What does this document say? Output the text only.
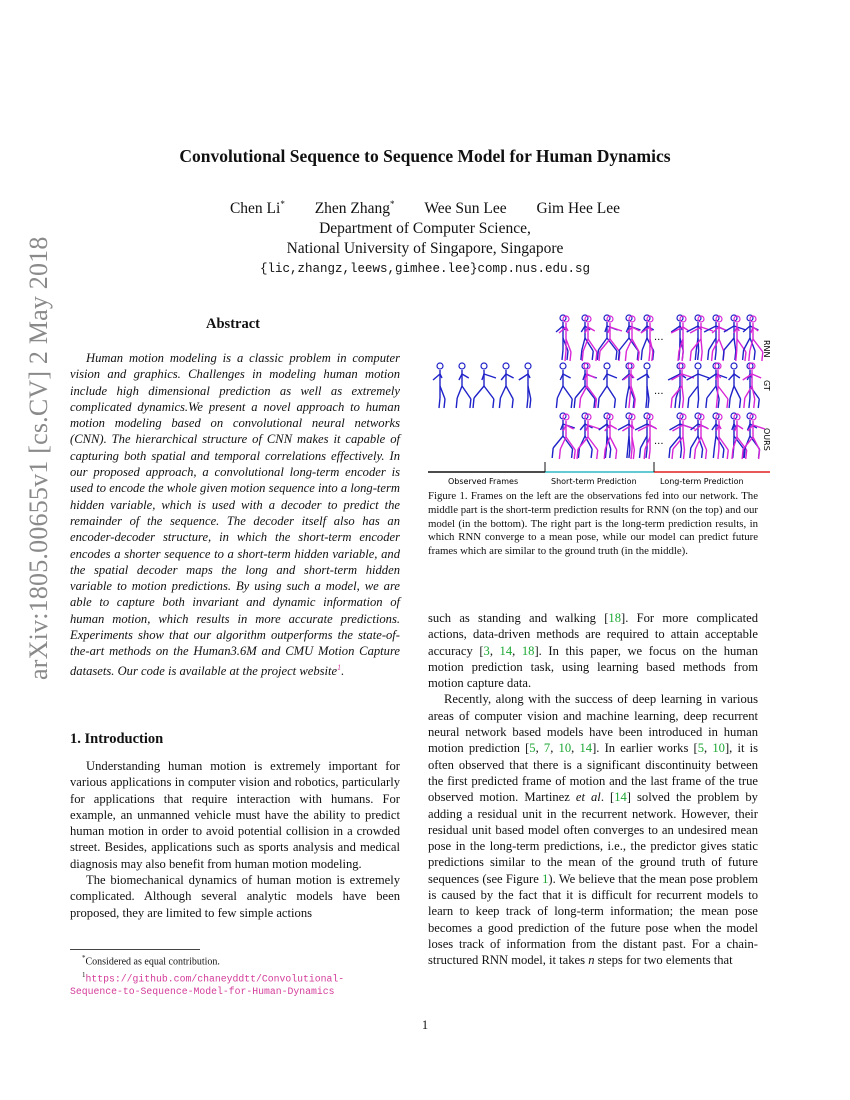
Convolutional Sequence to Sequence Model for Human Dynamics
Chen Li* Zhen Zhang* Wee Sun Lee Gim Hee Lee
Department of Computer Science,
National University of Singapore, Singapore
{lic,zhangz,leews,gimhee.lee}comp.nus.edu.sg
arXiv:1805.00655v1 [cs.CV] 2 May 2018	Abstract

Human motion modeling is a classic problem in computer vision and graphics. Challenges in modeling human motion include high dimensional prediction as well as extremely complicated dynamics.We present a novel approach to human motion modeling based on convolutional neural networks (CNN). The hierarchical structure of CNN makes it capable of capturing both spatial and temporal correlations effectively. In our proposed approach, a convolutional long-term encoder is used to encode the whole given motion sequence into a long-term hidden variable, which is used with a decoder to predict the remainder of the sequence. The decoder itself also has an encoder-decoder structure, in which the short-term encoder encodes a shorter sequence to a short-term hidden variable, and the spatial decoder maps the long and short-term hidden variable to motion predictions. By using such a model, we are able to capture both invariant and dynamic information of human motion, which results in more accurate predictions. Experiments show that our algorithm outperforms the state-of-the-art methods on the Human3.6M and CMU Motion Capture datasets. Our code is available at the project website$^1$.

1. Introduction

Understanding human motion is extremely important for various applications in computer vision and robotics, particularly for applications that require interaction with humans. For example, an unmanned vehicle must have the ability to predict human motion in order to avoid potential collision in a crowded street. Besides, applications such as sports analysis and medical diagnosis may also benefit from human motion modeling.

The biomechanical dynamics of human motion is extremely complicated. Although several analytic models have been proposed, they are limited to few simple actions

*Considered as equal contribution.
$^1$https://github.com/chaneyddtt/Convolutional-
Sequence-to-Sequence-Model-for-Human-Dynamics
RNN
GT
OURS
...
...
...
Observed Frames	Short-term Prediction	Long-term Prediction
Figure 1. Frames on the left are the observations fed into our network. The middle part is the short-term prediction results for RNN (on the top) and our model (in the bottom). The right part is the long-term prediction results, in which RNN converge to a mean pose, while our model can predict future frames which are similar to the ground truth (in the middle).

such as standing and walking [18]. For more complicated actions, data-driven methods are required to attain acceptable accuracy [3, 14, 18]. In this paper, we focus on the human motion prediction task, using learning based methods from motion capture data.

Recently, along with the success of deep learning in various areas of computer vision and machine learning, deep recurrent neural network based models have been introduced in human motion prediction [5, 7, 10, 14]. In earlier works [5, 10], it is often observed that there is a significant discontinuity between the first predicted frame of motion and the last frame of the true observed motion. Martinez et al. [14] solved the problem by adding a residual unit in the recurrent network. However, their residual unit based model often converges to an undesired mean pose in the long-term predictions, i.e., the predictor gives static predictions similar to the mean of the ground truth of future sequences (see Figure 1). We believe that the mean pose problem is caused by the fact that it is difficult for recurrent models to learn to keep track of long-term information; the mean pose becomes a good prediction of the future pose when the model loses track of information from the distant past. For a chain-structured RNN model, it takes n steps for two elements that

1
